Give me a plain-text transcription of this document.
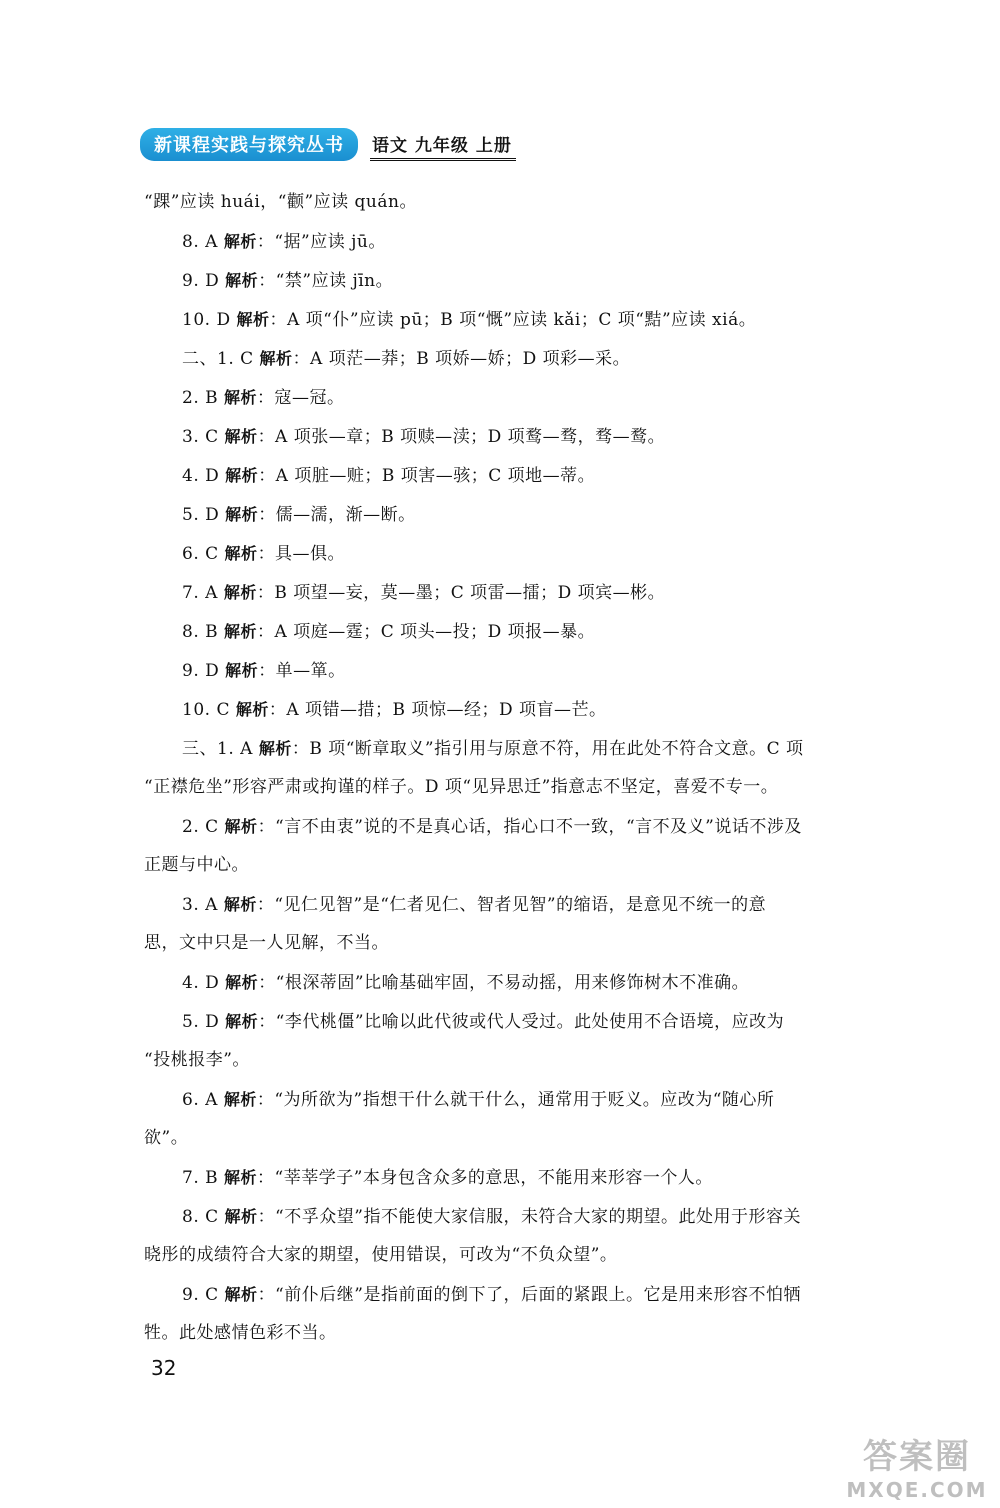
新课程实践与探究丛书	语文 九年级 上册
“踝”应读 huái，“颧”应读 quán。
8. A 解析：“据”应读 jū。
9. D 解析：“禁”应读 jīn。
10. D 解析：A 项“仆”应读 pū；B 项“慨”应读 kǎi；C 项“黠”应读 xiá。
二、1. C 解析：A 项茫—莽；B 项娇—娇；D 项彩—采。
2. B 解析：寇—冠。
3. C 解析：A 项张—章；B 项赎—渎；D 项鹜—骛，骛—鹜。
4. D 解析：A 项脏—赃；B 项害—骇；C 项地—蒂。
5. D 解析：儒—濡，渐—断。
6. C 解析：具—俱。
7. A 解析：B 项望—妄，莫—墨；C 项雷—擂；D 项宾—彬。
8. B 解析：A 项庭—霆；C 项头—投；D 项报—暴。
9. D 解析：单—箪。
10. C 解析：A 项错—措；B 项惊—经；D 项盲—芒。
三、1. A 解析：B 项“断章取义”指引用与原意不符，用在此处不符合文意。C 项
“正襟危坐”形容严肃或拘谨的样子。D 项“见异思迁”指意志不坚定，喜爱不专一。
2. C 解析：“言不由衷”说的不是真心话，指心口不一致，“言不及义”说话不涉及
正题与中心。
3. A 解析：“见仁见智”是“仁者见仁、智者见智”的缩语，是意见不统一的意
思，文中只是一人见解，不当。
4. D 解析：“根深蒂固”比喻基础牢固，不易动摇，用来修饰树木不准确。
5. D 解析：“李代桃僵”比喻以此代彼或代人受过。此处使用不合语境，应改为
“投桃报李”。
6. A 解析：“为所欲为”指想干什么就干什么，通常用于贬义。应改为“随心所
欲”。
7. B 解析：“莘莘学子”本身包含众多的意思，不能用来形容一个人。
8. C 解析：“不孚众望”指不能使大家信服，未符合大家的期望。此处用于形容关
晓彤的成绩符合大家的期望，使用错误，可改为“不负众望”。
9. C 解析：“前仆后继”是指前面的倒下了，后面的紧跟上。它是用来形容不怕牺
牲。此处感情色彩不当。
32
答案圈
MXQE.COM
